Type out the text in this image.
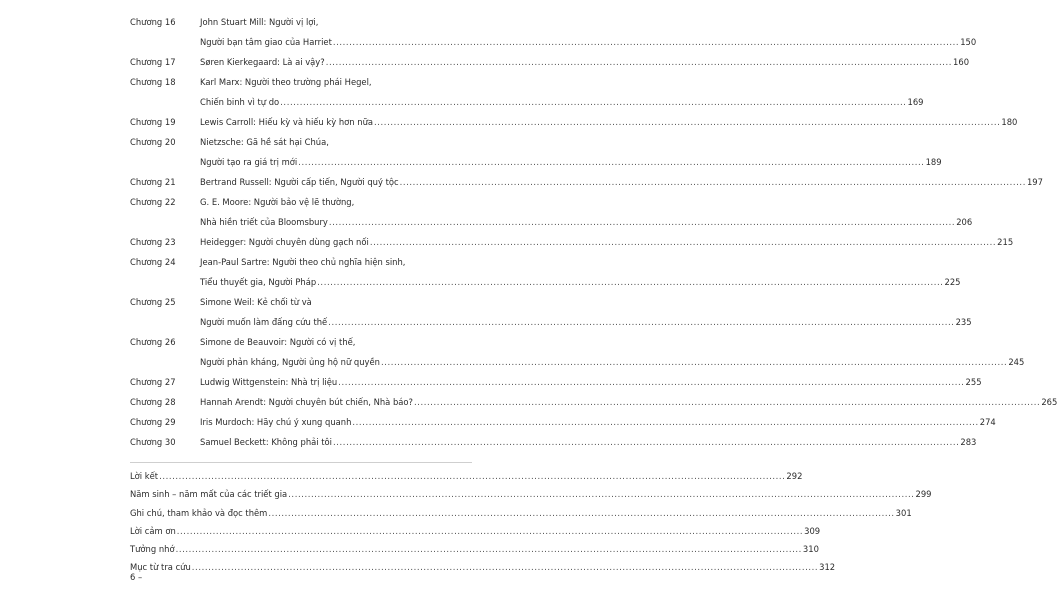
Chương 16	John Stuart Mill: Người vị lợi,
Người bạn tâm giao của Harriet .....	150
Chương 17	Søren Kierkegaard: Là ai vậy? .....	160
Chương 18	Karl Marx: Người theo trường phái Hegel,
Chiến binh vì tự do .....	169
Chương 19	Lewis Carroll: Hiếu kỳ và hiếu kỳ hơn nữa .....	180
Chương 20	Nietzsche: Gã hề sát hại Chúa,
Người tạo ra giá trị mới .....	189
Chương 21	Bertrand Russell: Người cấp tiến, Người quý tộc .....	197
Chương 22	G. E. Moore: Người bảo vệ lẽ thường,
Nhà hiền triết của Bloomsbury .....	206
Chương 23	Heidegger: Người chuyên dùng gạch nối .....	215
Chương 24	Jean-Paul Sartre: Người theo chủ nghĩa hiện sinh,
Tiểu thuyết gia, Người Pháp .....	225
Chương 25	Simone Weil: Kẻ chối từ và
Người muốn làm đấng cứu thế .....	235
Chương 26	Simone de Beauvoir: Người có vị thế,
Người phản kháng, Người ủng hộ nữ quyền .....	245
Chương 27	Ludwig Wittgenstein: Nhà trị liệu .....	255
Chương 28	Hannah Arendt: Người chuyên bút chiến, Nhà báo? .....	265
Chương 29	Iris Murdoch: Hãy chú ý xung quanh .....	274
Chương 30	Samuel Beckett: Không phải tôi .....	283
Lời kết .....	292
Năm sinh – năm mất của các triết gia .....	299
Ghi chú, tham khảo và đọc thêm .....	301
Lời cảm ơn .....	309
Tưởng nhớ .....	310
Mục từ tra cứu .....	312
6 –
